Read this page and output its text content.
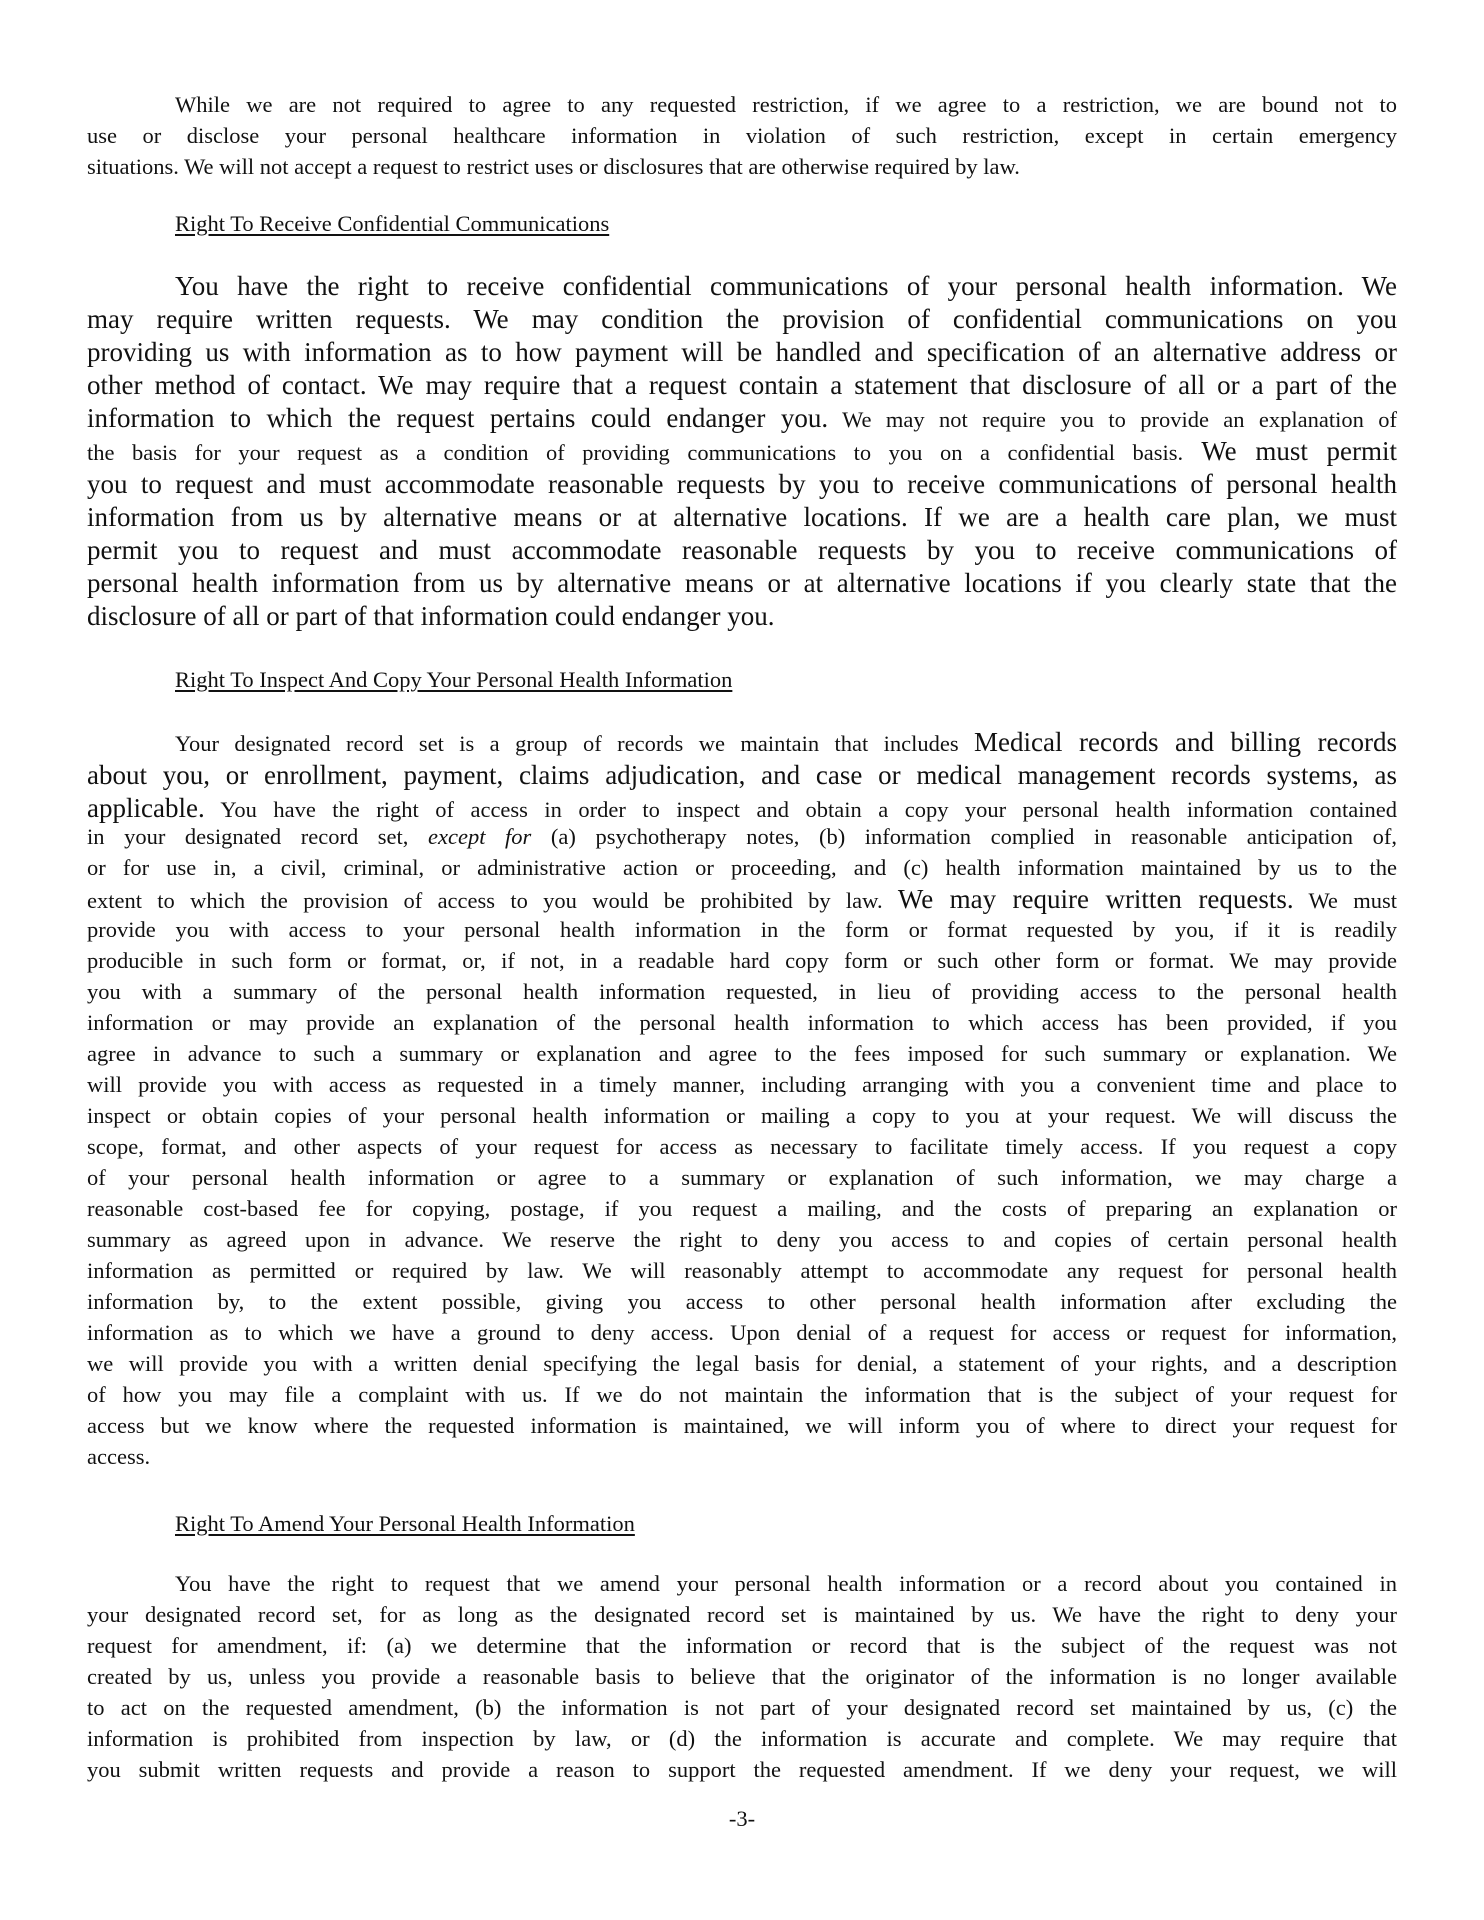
While we are not required to agree to any requested restriction, if we agree to a restriction, we are bound not to
use or disclose your personal healthcare information in violation of such restriction, except in certain emergency
situations. We will not accept a request to restrict uses or disclosures that are otherwise required by law.
Right To Receive Confidential Communications
You have the right to receive confidential communications of your personal health information. We
may require written requests. We may condition the provision of confidential communications on you
providing us with information as to how payment will be handled and specification of an alternative address or
other method of contact. We may require that a request contain a statement that disclosure of all or a part of the
information to which the request pertains could endanger you. We may not require you to provide an explanation of
the basis for your request as a condition of providing communications to you on a confidential basis. We must permit
you to request and must accommodate reasonable requests by you to receive communications of personal health
information from us by alternative means or at alternative locations. If we are a health care plan, we must
permit you to request and must accommodate reasonable requests by you to receive communications of
personal health information from us by alternative means or at alternative locations if you clearly state that the
disclosure of all or part of that information could endanger you.
Right To Inspect And Copy Your Personal Health Information
Your designated record set is a group of records we maintain that includes Medical records and billing records
about you, or enrollment, payment, claims adjudication, and case or medical management records systems, as
applicable. You have the right of access in order to inspect and obtain a copy your personal health information contained
in your designated record set, except for (a) psychotherapy notes, (b) information complied in reasonable anticipation of,
or for use in, a civil, criminal, or administrative action or proceeding, and (c) health information maintained by us to the
extent to which the provision of access to you would be prohibited by law. We may require written requests. We must
provide you with access to your personal health information in the form or format requested by you, if it is readily
producible in such form or format, or, if not, in a readable hard copy form or such other form or format. We may provide
you with a summary of the personal health information requested, in lieu of providing access to the personal health
information or may provide an explanation of the personal health information to which access has been provided, if you
agree in advance to such a summary or explanation and agree to the fees imposed for such summary or explanation. We
will provide you with access as requested in a timely manner, including arranging with you a convenient time and place to
inspect or obtain copies of your personal health information or mailing a copy to you at your request. We will discuss the
scope, format, and other aspects of your request for access as necessary to facilitate timely access. If you request a copy
of your personal health information or agree to a summary or explanation of such information, we may charge a
reasonable cost-based fee for copying, postage, if you request a mailing, and the costs of preparing an explanation or
summary as agreed upon in advance. We reserve the right to deny you access to and copies of certain personal health
information as permitted or required by law. We will reasonably attempt to accommodate any request for personal health
information by, to the extent possible, giving you access to other personal health information after excluding the
information as to which we have a ground to deny access. Upon denial of a request for access or request for information,
we will provide you with a written denial specifying the legal basis for denial, a statement of your rights, and a description
of how you may file a complaint with us. If we do not maintain the information that is the subject of your request for
access but we know where the requested information is maintained, we will inform you of where to direct your request for
access.
Right To Amend Your Personal Health Information
You have the right to request that we amend your personal health information or a record about you contained in
your designated record set, for as long as the designated record set is maintained by us. We have the right to deny your
request for amendment, if: (a) we determine that the information or record that is the subject of the request was not
created by us, unless you provide a reasonable basis to believe that the originator of the information is no longer available
to act on the requested amendment, (b) the information is not part of your designated record set maintained by us, (c) the
information is prohibited from inspection by law, or (d) the information is accurate and complete. We may require that
you submit written requests and provide a reason to support the requested amendment. If we deny your request, we will
-3-
